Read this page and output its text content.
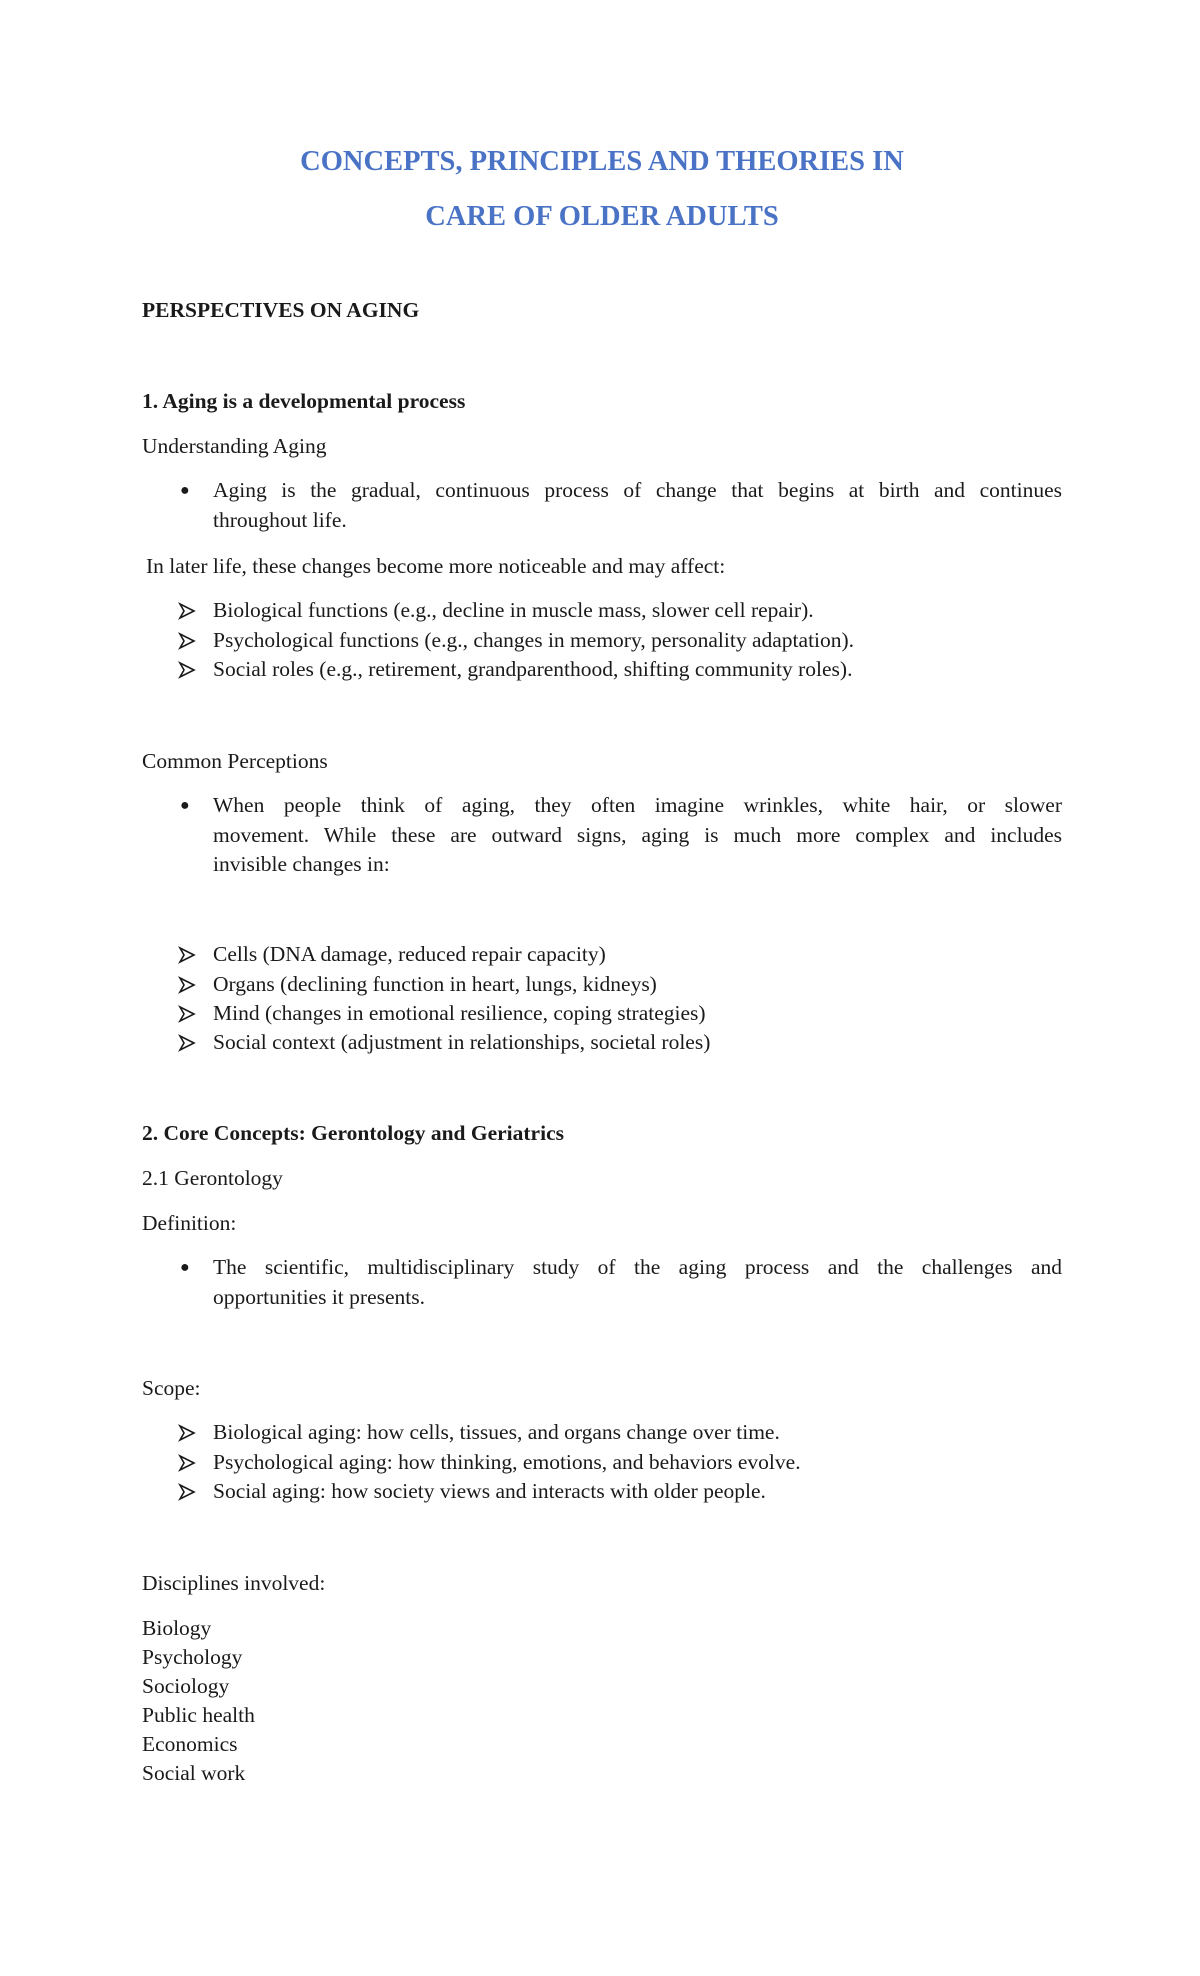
CONCEPTS, PRINCIPLES AND THEORIES IN
CARE OF OLDER ADULTS
PERSPECTIVES ON AGING
1. Aging is a developmental process
Understanding Aging
●	Aging is the gradual, continuous process of change that begins at birth and continues
throughout life.
In later life, these changes become more noticeable and may affect:
Biological functions (e.g., decline in muscle mass, slower cell repair).
Psychological functions (e.g., changes in memory, personality adaptation).
Social roles (e.g., retirement, grandparenthood, shifting community roles).
Common Perceptions
●	When people think of aging, they often imagine wrinkles, white hair, or slower
movement. While these are outward signs, aging is much more complex and includes
invisible changes in:
Cells (DNA damage, reduced repair capacity)
Organs (declining function in heart, lungs, kidneys)
Mind (changes in emotional resilience, coping strategies)
Social context (adjustment in relationships, societal roles)
2. Core Concepts: Gerontology and Geriatrics
2.1 Gerontology
Definition:
●	The scientific, multidisciplinary study of the aging process and the challenges and
opportunities it presents.
Scope:
Biological aging: how cells, tissues, and organs change over time.
Psychological aging: how thinking, emotions, and behaviors evolve.
Social aging: how society views and interacts with older people.
Disciplines involved:
Biology
Psychology
Sociology
Public health
Economics
Social work
